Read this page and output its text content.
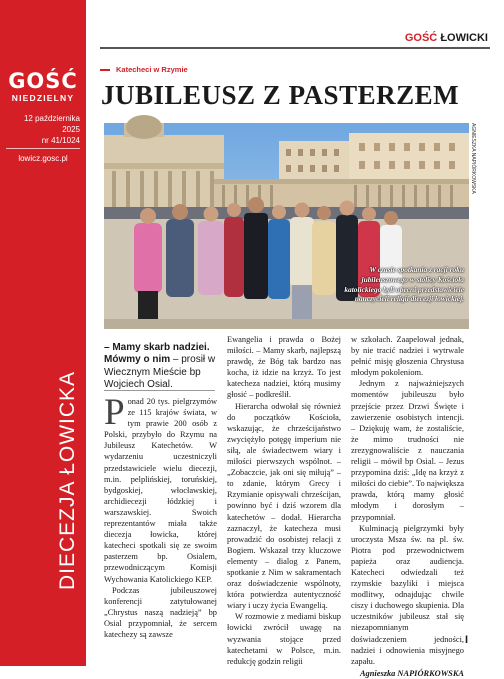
GOŚĆ
NIEDZIELNY
12 października
2025
nr 41/1024
lowicz.gosc.pl
DIECEZJA ŁOWICKA
GOŚĆ ŁOWICKI
Katecheci w Rzymie
JUBILEUSZ Z PASTERZEM
AGNIESZKA NAPIÓRKOWSKA
W czasie spotkania z racji roku jubileuszowego w stolicy Kościoła katolickiego byli obecni przedstawiciele nauczycieli religii diecezji łowickiej.
– Mamy skarb nadziei. Mówmy o nim – prosił w Wiecznym Mieście bp Wojciech Osial.

Ponad 20 tys. pielgrzymów ze 115 krajów świata, w tym prawie 200 osób z Polski, przybyło do Rzymu na Jubileusz Katechetów. W wydarzeniu uczestniczyli przedstawiciele wielu diecezji, m.in. pelplińskiej, toruńskiej, bydgoskiej, włocławskiej, archidiecezji łódzkiej i warszawskiej. Swoich reprezentantów miała także diecezja łowicka, której katecheci spotkali się ze swoim pasterzem bp. Osialem, przewodniczącym Komisji Wychowania Katolickiego KEP.

Podczas jubileuszowej konferencji zatytułowanej „Chrystus naszą nadzieją” bp Osial przypomniał, że sercem katechezy są zawsze

Ewangelia i prawda o Bożej miłości. – Mamy skarb, najlepszą prawdę, że Bóg tak bardzo nas kocha, iż idzie na krzyż. To jest katecheza nadziei, którą musimy głosić – podkreślił.

Hierarcha odwołał się również do początków Kościoła, wskazując, że chrześcijaństwo zwyciężyło potęgę imperium nie siłą, ale świadectwem wiary i miłości pierwszych wspólnot. – „Zobaczcie, jak oni się miłują” – to zdanie, którym Grecy i Rzymianie opisywali chrześcijan, powinno być i dziś wzorem dla katechetów – dodał. Hierarcha zaznaczył, że katecheza musi prowadzić do osobistej relacji z Bogiem. Wskazał trzy kluczowe elementy – dialog z Panem, spotkanie z Nim w sakramentach oraz doświadczenie wspólnoty, która potwierdza autentyczność wiary i uczy życia Ewangelią.

W rozmowie z mediami biskup łowicki zwrócił uwagę na wyzwania stojące przed katechetami w Polsce, m.in. redukcję godzin religii

w szkołach. Zaapelował jednak, by nie tracić nadziei i wytrwale pełnić misję głoszenia Chrystusa młodym pokoleniom.

Jednym z najważniejszych momentów jubileuszu było przejście przez Drzwi Święte i zawierzenie osobistych intencji. – Dziękuję wam, że zostaliście, że mimo trudności nie zrezygnowaliście z nauczania religii – mówił bp Osial. – Jezus przypomina dziś: „Idę na krzyż z miłości do ciebie”. To największa prawda, którą mamy głosić młodym i dorosłym – przypomniał.

Kulminacją pielgrzymki były uroczysta Msza św. na pl. św. Piotra pod przewodnictwem papieża oraz audiencja. Katecheci odwiedzali też rzymskie bazyliki i miejsca modlitwy, odnajdując chwile ciszy i duchowego skupienia. Dla uczestników jubileusz stał się niezapomnianym doświadczeniem jedności, nadziei i odnowienia misyjnego zapału.

Agnieszka NAPIÓRKOWSKA
I
